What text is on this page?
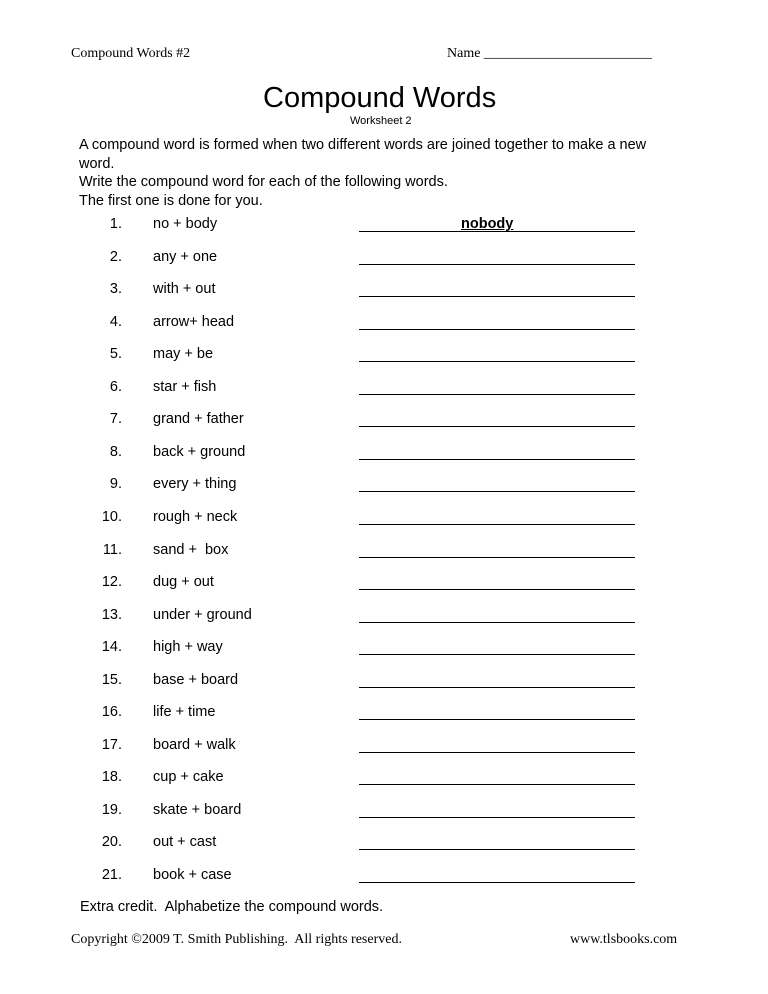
Compound Words #2	Name ________________________

Compound Words

Worksheet 2
A compound word is formed when two different words are joined together to make a new
word.
Write the compound word for each of the following words.
The first one is done for you.
1. no + body	nobody
2. any + one
3. with + out
4. arrow+ head
5. may + be
6. star + fish
7. grand + father
8. back + ground
9. every + thing
10. rough + neck
11. sand +  box
12. dug + out
13. under + ground
14. high + way
15. base + board
16. life + time
17. board + walk
18. cup + cake
19. skate + board
20. out + cast
21. book + case
Extra credit.  Alphabetize the compound words.
Copyright ©2009 T. Smith Publishing.  All rights reserved.	www.tlsbooks.com
